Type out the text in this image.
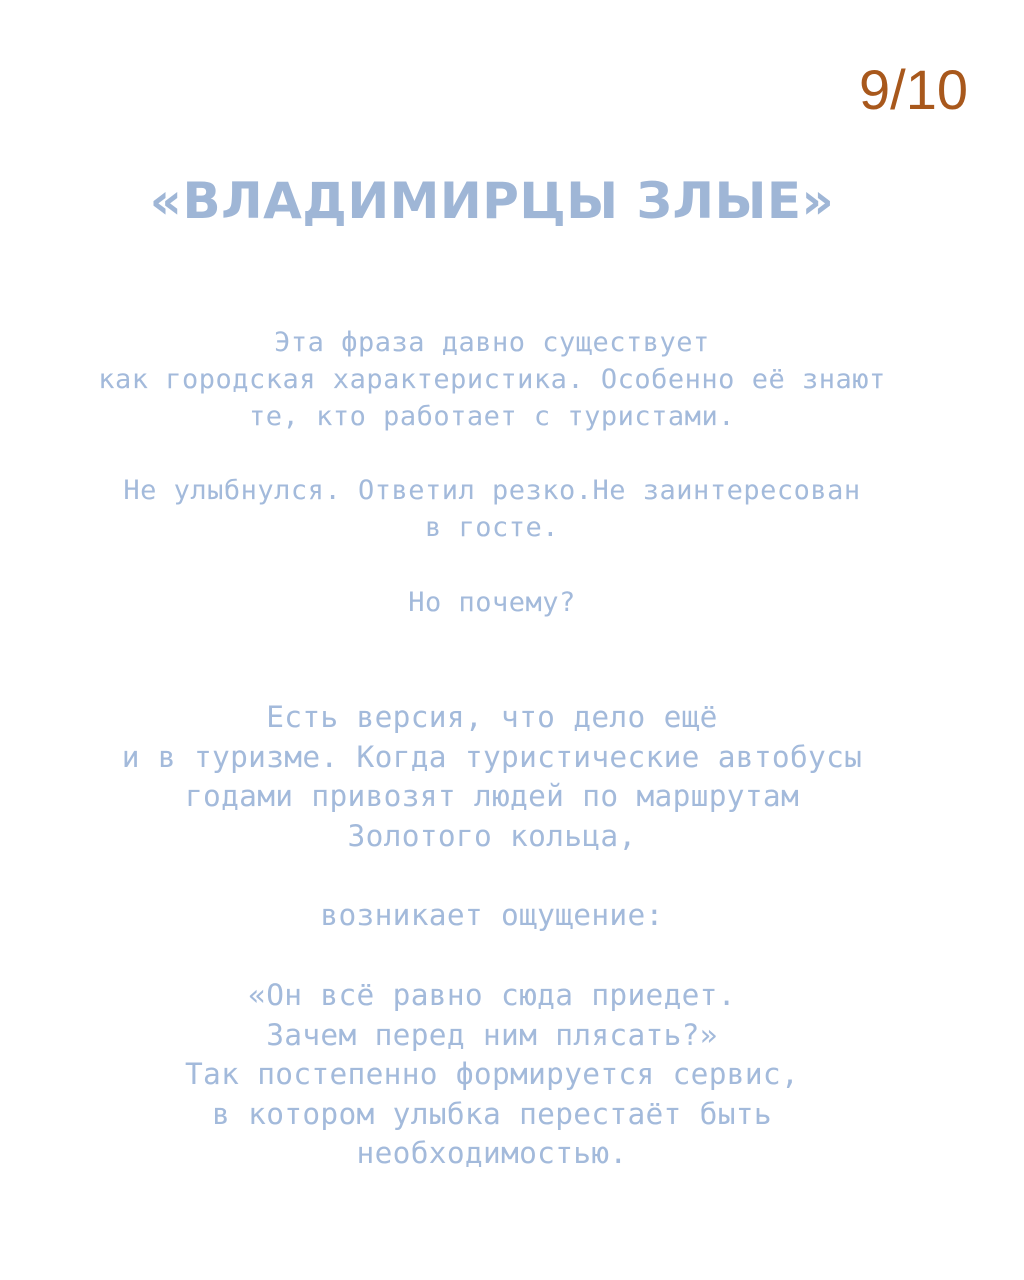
9/10
«ВЛАДИМИРЦЫ ЗЛЫЕ»
Эта фраза давно существует
как городская характеристика. Особенно её знают
те, кто работает с туристами.
Не улыбнулся. Ответил резко.Не заинтересован
в госте.
Но почему?
Есть версия, что дело ещё
и в туризме. Когда туристические автобусы
годами привозят людей по маршрутам
Золотого кольца,
возникает ощущение:
«Он всё равно сюда приедет.
Зачем перед ним плясать?»
Так постепенно формируется сервис,
в котором улыбка перестаёт быть
необходимостью.
